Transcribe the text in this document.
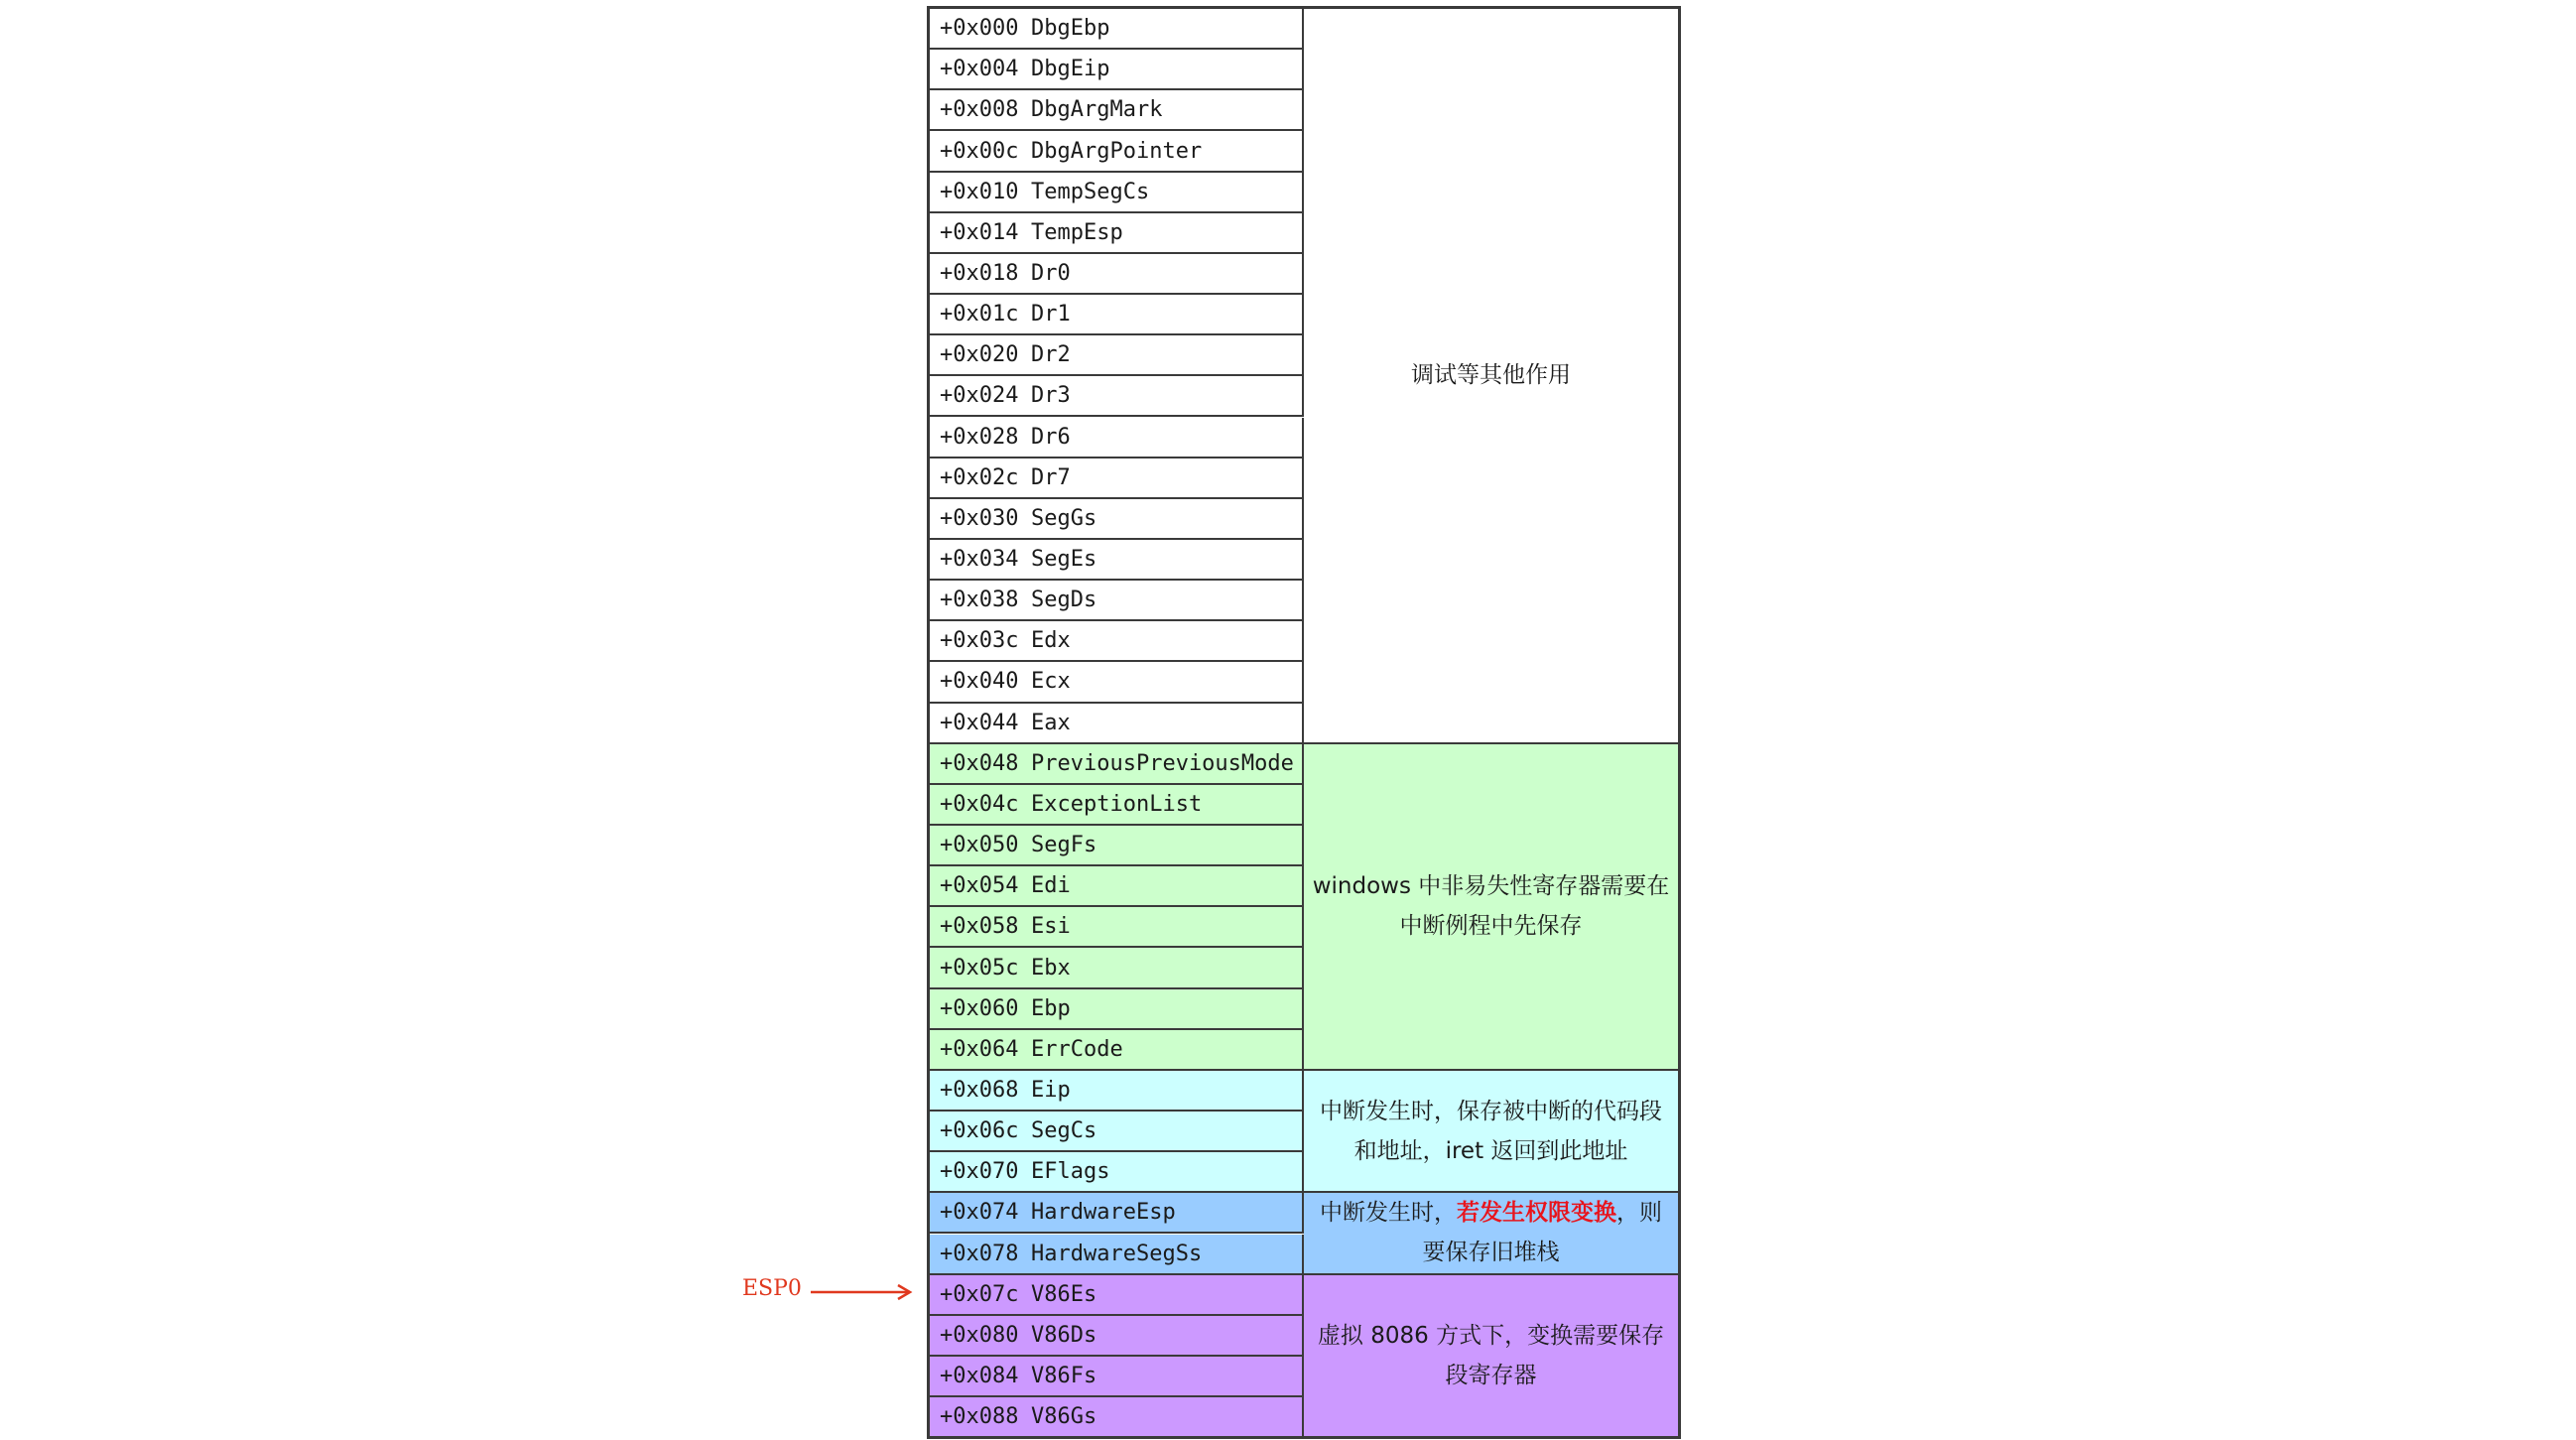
ESP0
+0x000 DbgEbp
+0x004 DbgEip
+0x008 DbgArgMark
+0x00c DbgArgPointer
+0x010 TempSegCs
+0x014 TempEsp
+0x018 Dr0
+0x01c Dr1
+0x020 Dr2
+0x024 Dr3
+0x028 Dr6
+0x02c Dr7
+0x030 SegGs
+0x034 SegEs
+0x038 SegDs
+0x03c Edx
+0x040 Ecx
+0x044 Eax
+0x048 PreviousPreviousMode
+0x04c ExceptionList
+0x050 SegFs
+0x054 Edi
+0x058 Esi
+0x05c Ebx
+0x060 Ebp
+0x064 ErrCode
+0x068 Eip
+0x06c SegCs
+0x070 EFlags
+0x074 HardwareEsp
+0x078 HardwareSegSs
+0x07c V86Es
+0x080 V86Ds
+0x084 V86Fs
+0x088 V86Gs
调试等其他作用
windows 中非易失性寄存器需要在中断例程中先保存
中断发生时，保存被中断的代码段和地址，iret 返回到此地址
中断发生时，若发生权限变换，则要保存旧堆栈
虚拟 8086 方式下，变换需要保存段寄存器
